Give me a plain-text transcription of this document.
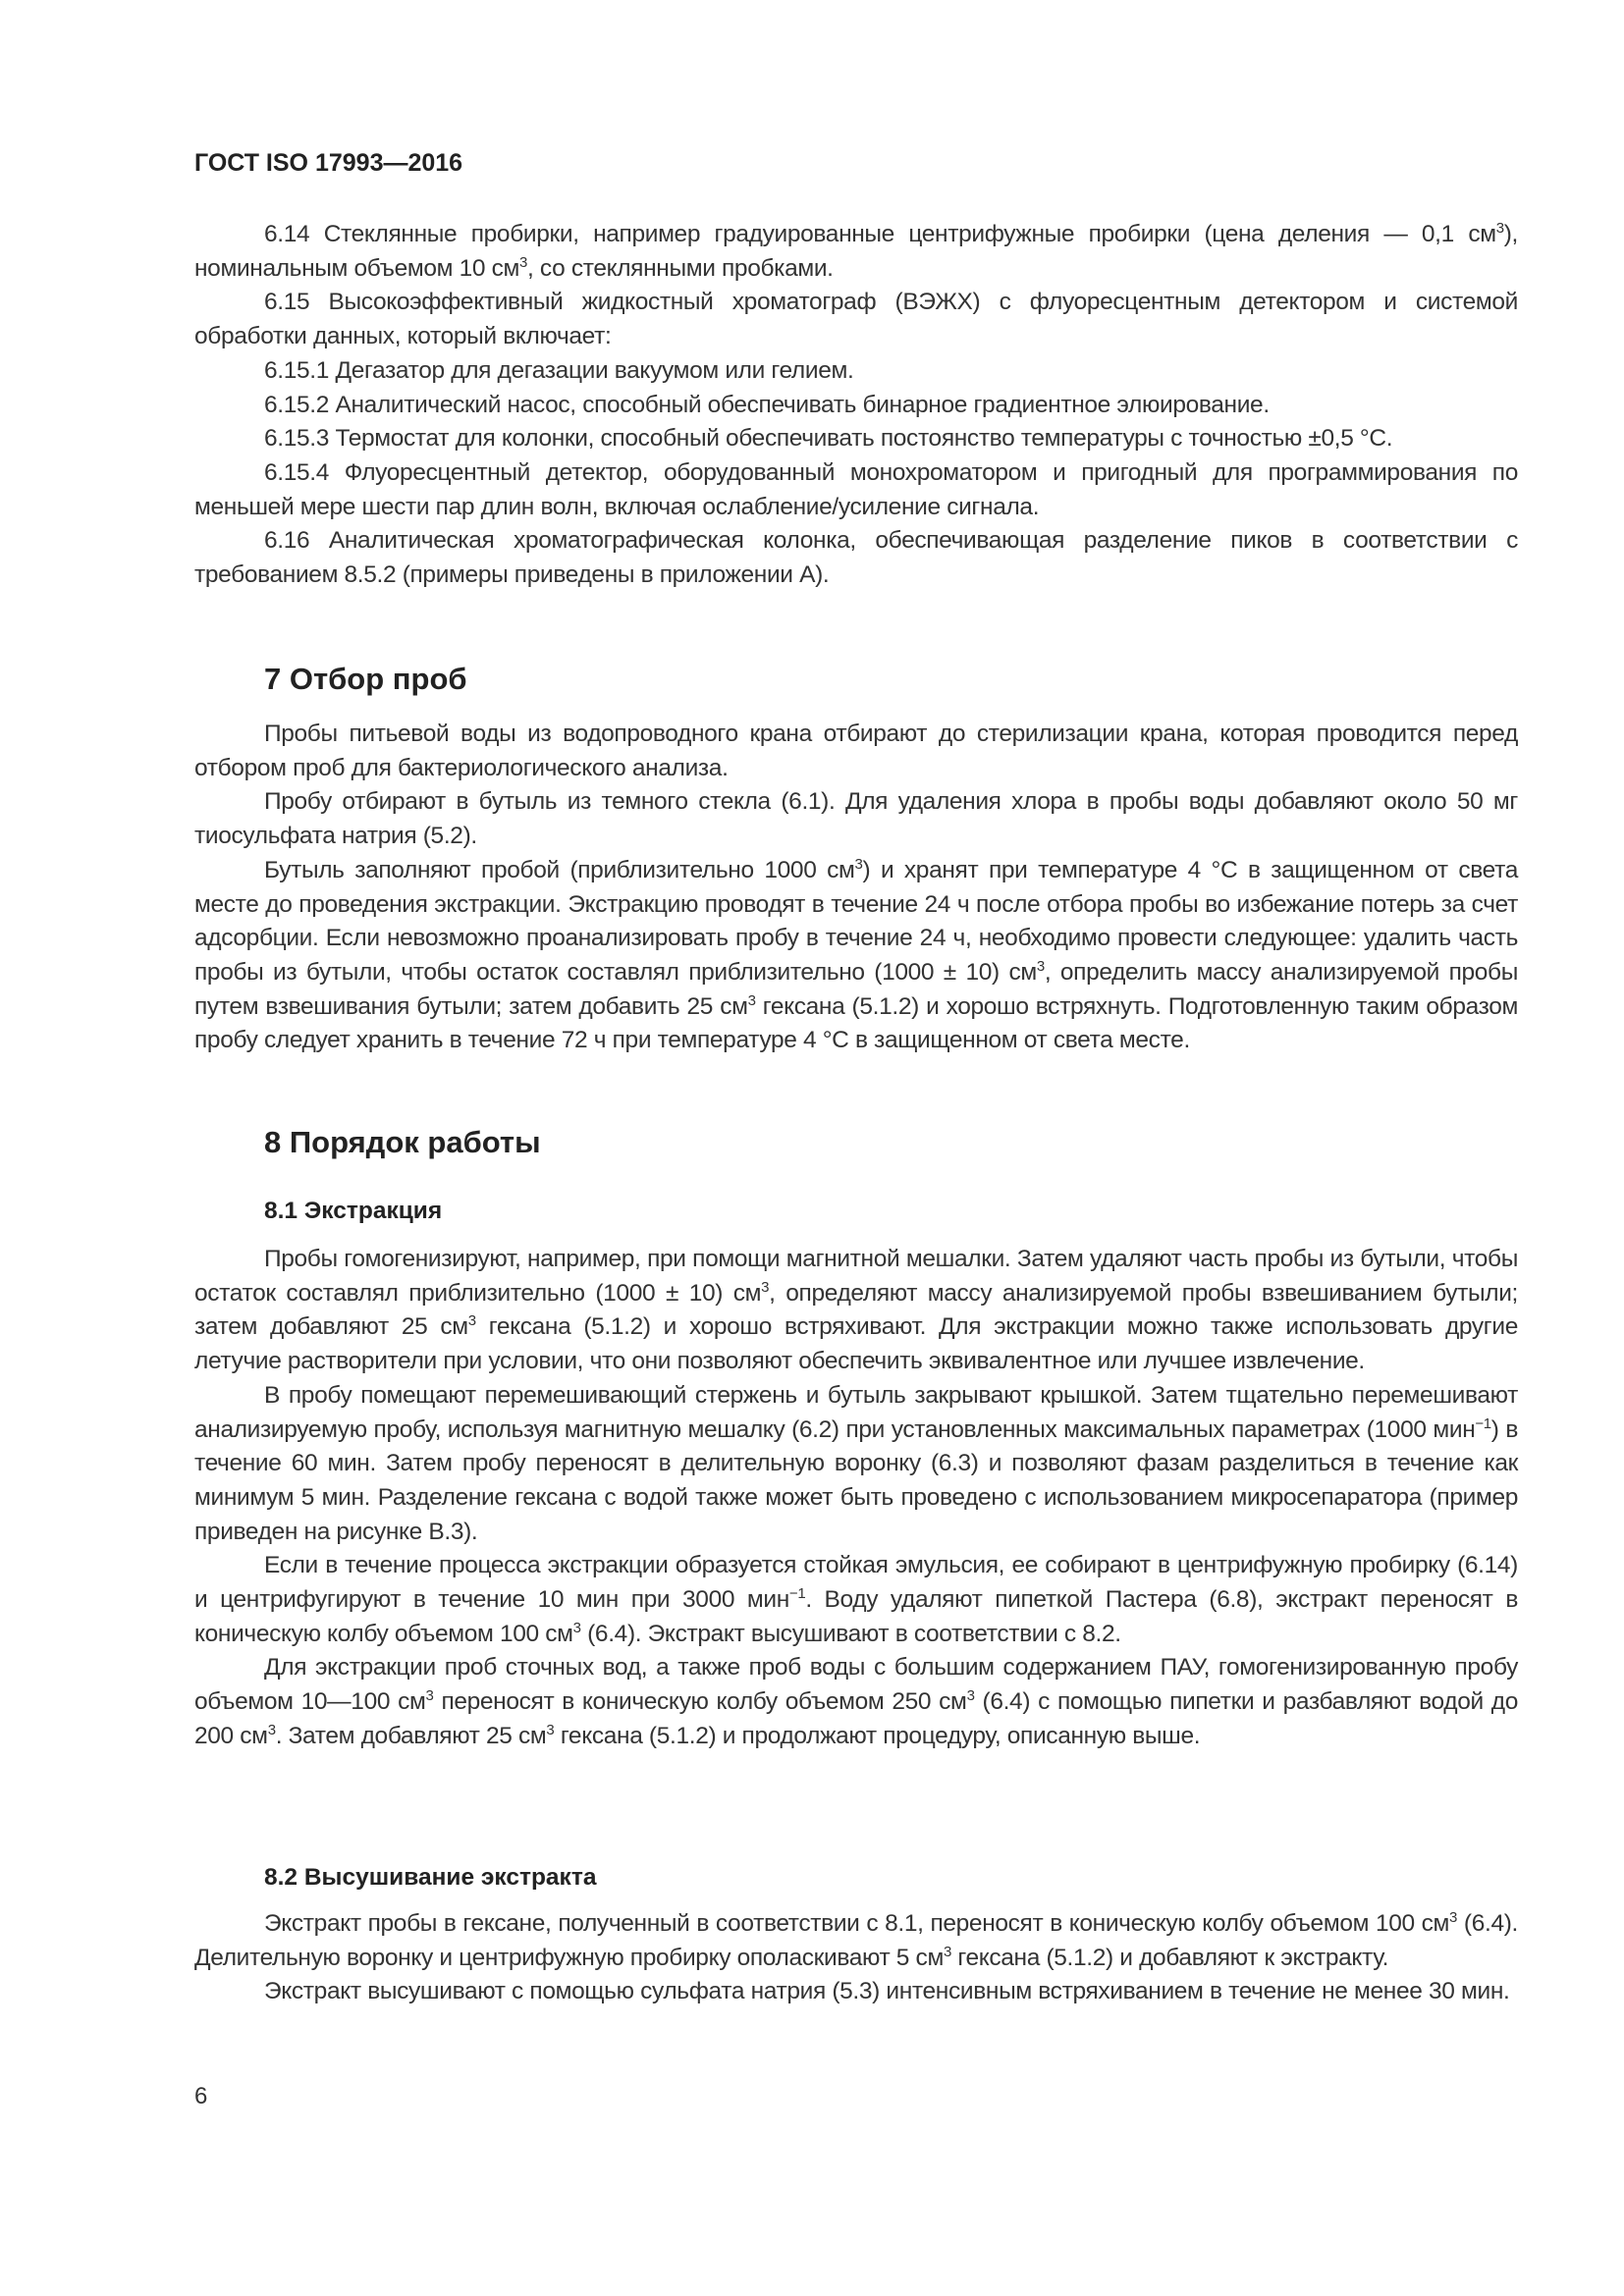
ГОСТ ISO 17993—2016

6.14 Стеклянные пробирки, например градуированные центрифужные пробирки (цена деления — 0,1 $см^3$), номинальным объемом 10 $см^3$, со стеклянными пробками.

6.15 Высокоэффективный жидкостный хроматограф (ВЭЖХ) с флуоресцентным детектором и системой обработки данных, который включает:

6.15.1 Дегазатор для дегазации вакуумом или гелием.

6.15.2 Аналитический насос, способный обеспечивать бинарное градиентное элюирование.

6.15.3 Термостат для колонки, способный обеспечивать постоянство температуры с точностью ±0,5 °С.

6.15.4 Флуоресцентный детектор, оборудованный монохроматором и пригодный для программирования по меньшей мере шести пар длин волн, включая ослабление/усиление сигнала.

6.16 Аналитическая хроматографическая колонка, обеспечивающая разделение пиков в соответствии с требованием 8.5.2 (примеры приведены в приложении А).

7 Отбор проб

Пробы питьевой воды из водопроводного крана отбирают до стерилизации крана, которая проводится перед отбором проб для бактериологического анализа.

Пробу отбирают в бутыль из темного стекла (6.1). Для удаления хлора в пробы воды добавляют около 50 мг тиосульфата натрия (5.2).

Бутыль заполняют пробой (приблизительно 1000 $см^3$) и хранят при температуре 4 °С в защищенном от света месте до проведения экстракции. Экстракцию проводят в течение 24 ч после отбора пробы во избежание потерь за счет адсорбции. Если невозможно проанализировать пробу в течение 24 ч, необходимо провести следующее: удалить часть пробы из бутыли, чтобы остаток составлял приблизительно (1000 ± 10) $см^3$, определить массу анализируемой пробы путем взвешивания бутыли; затем добавить 25 $см^3$ гексана (5.1.2) и хорошо встряхнуть. Подготовленную таким образом пробу следует хранить в течение 72 ч при температуре 4 °С в защищенном от света месте.

8 Порядок работы
8.1 Экстракция

Пробы гомогенизируют, например, при помощи магнитной мешалки. Затем удаляют часть пробы из бутыли, чтобы остаток составлял приблизительно (1000 ± 10) $см^3$, определяют массу анализируемой пробы взвешиванием бутыли; затем добавляют 25 $см^3$ гексана (5.1.2) и хорошо встряхивают. Для экстракции можно также использовать другие летучие растворители при условии, что они позволяют обеспечить эквивалентное или лучшее извлечение.

В пробу помещают перемешивающий стержень и бутыль закрывают крышкой. Затем тщательно перемешивают анализируемую пробу, используя магнитную мешалку (6.2) при установленных максимальных параметрах (1000 мин$^{-1}$) в течение 60 мин. Затем пробу переносят в делительную воронку (6.3) и позволяют фазам разделиться в течение как минимум 5 мин. Разделение гексана с водой также может быть проведено с использованием микросепаратора (пример приведен на рисунке В.3).

Если в течение процесса экстракции образуется стойкая эмульсия, ее собирают в центрифужную пробирку (6.14) и центрифугируют в течение 10 мин при 3000 мин$^{-1}$. Воду удаляют пипеткой Пастера (6.8), экстракт переносят в коническую колбу объемом 100 $см^3$ (6.4). Экстракт высушивают в соответствии с 8.2.

Для экстракции проб сточных вод, а также проб воды с большим содержанием ПАУ, гомогенизированную пробу объемом 10—100 $см^3$ переносят в коническую колбу объемом 250 $см^3$ (6.4) с помощью пипетки и разбавляют водой до 200 $см^3$. Затем добавляют 25 $см^3$ гексана (5.1.2) и продолжают процедуру, описанную выше.

8.2 Высушивание экстракта

Экстракт пробы в гексане, полученный в соответствии с 8.1, переносят в коническую колбу объемом 100 $см^3$ (6.4). Делительную воронку и центрифужную пробирку ополаскивают 5 $см^3$ гексана (5.1.2) и добавляют к экстракту.

Экстракт высушивают с помощью сульфата натрия (5.3) интенсивным встряхиванием в течение не менее 30 мин.

6
